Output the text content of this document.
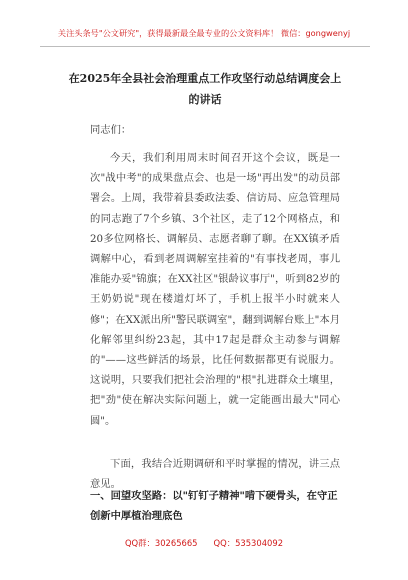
关注头条号"公文研究"，获得最新最全最专业的公文资料库！ 微信：gongwenyj
在2025年全县社会治理重点工作攻坚行动总结调度会上的讲话
同志们：
今天，我们利用周末时间召开这个会议，既是一次"战中考"的成果盘点会、也是一场"再出发"的动员部署会。上周，我带着县委政法委、信访局、应急管理局的同志跑了7个乡镇、3个社区，走了12个网格点，和20多位网格长、调解员、志愿者聊了聊。在XX镇矛盾调解中心，看到老周调解室挂着的"有事找老周，事儿准能办妥"锦旗；在XX社区"银龄议事厅"，听到82岁的王奶奶说"现在楼道灯坏了，手机上报半小时就来人修"；在XX派出所"警民联调室"，翻到调解台账上"本月化解邻里纠纷23起，其中17起是群众主动参与调解的"——这些鲜活的场景，比任何数据都更有说服力。这说明，只要我们把社会治理的"根"扎进群众土壤里，把"劲"使在解决实际问题上，就一定能画出最大"同心圆"。
下面，我结合近期调研和平时掌握的情况，讲三点意见。
一、回望攻坚路：以"钉钉子精神"啃下硬骨头，在守正创新中厚植治理底色
QQ群：30265665 QQ：535304092
